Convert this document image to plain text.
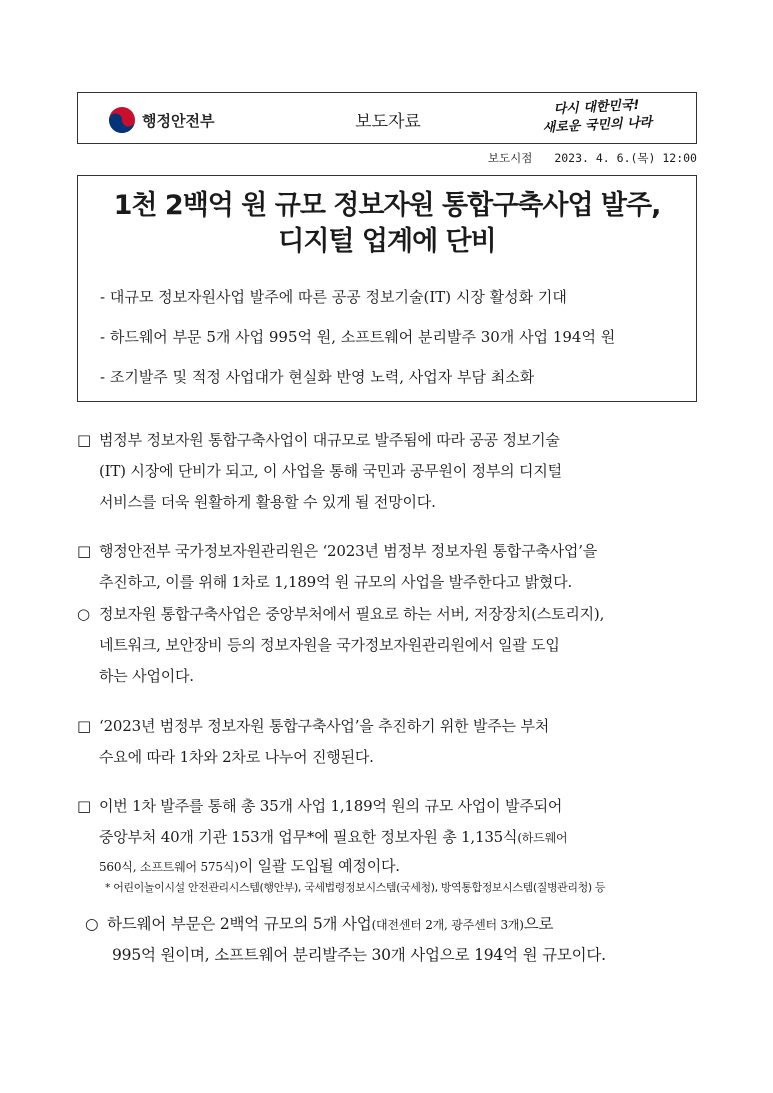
행정안전부	보도자료
다시 대한민국!
새로운 국민의 나라
보도시점 2023. 4. 6.(목) 12:00
1천 2백억 원 규모 정보자원 통합구축사업 발주,
디지털 업계에 단비
- 대규모 정보자원사업 발주에 따른 공공 정보기술(IT) 시장 활성화 기대
- 하드웨어 부문 5개 사업 995억 원, 소프트웨어 분리발주 30개 사업 194억 원
- 조기발주 및 적정 사업대가 현실화 반영 노력, 사업자 부담 최소화
□ 범정부 정보자원 통합구축사업이 대규모로 발주됨에 따라 공공 정보기술
(IT) 시장에 단비가 되고, 이 사업을 통해 국민과 공무원이 정부의 디지털
서비스를 더욱 원활하게 활용할 수 있게 될 전망이다.
□ 행정안전부 국가정보자원관리원은 ‘2023년 범정부 정보자원 통합구축사업’을
추진하고, 이를 위해 1차로 1,189억 원 규모의 사업을 발주한다고 밝혔다.
○ 정보자원 통합구축사업은 중앙부처에서 필요로 하는 서버, 저장장치(스토리지),
네트워크, 보안장비 등의 정보자원을 국가정보자원관리원에서 일괄 도입
하는 사업이다.
□ ‘2023년 범정부 정보자원 통합구축사업’을 추진하기 위한 발주는 부처
수요에 따라 1차와 2차로 나누어 진행된다.
□ 이번 1차 발주를 통해 총 35개 사업 1,189억 원의 규모 사업이 발주되어
중앙부처 40개 기관 153개 업무*에 필요한 정보자원 총 1,135식(하드웨어
560식, 소프트웨어 575식)이 일괄 도입될 예정이다.
* 어린이놀이시설 안전관리시스템(행안부), 국세법령정보시스템(국세청), 방역통합정보시스템(질병관리청) 등
○ 하드웨어 부문은 2백억 규모의 5개 사업(대전센터 2개, 광주센터 3개)으로
995억 원이며, 소프트웨어 분리발주는 30개 사업으로 194억 원 규모이다.
